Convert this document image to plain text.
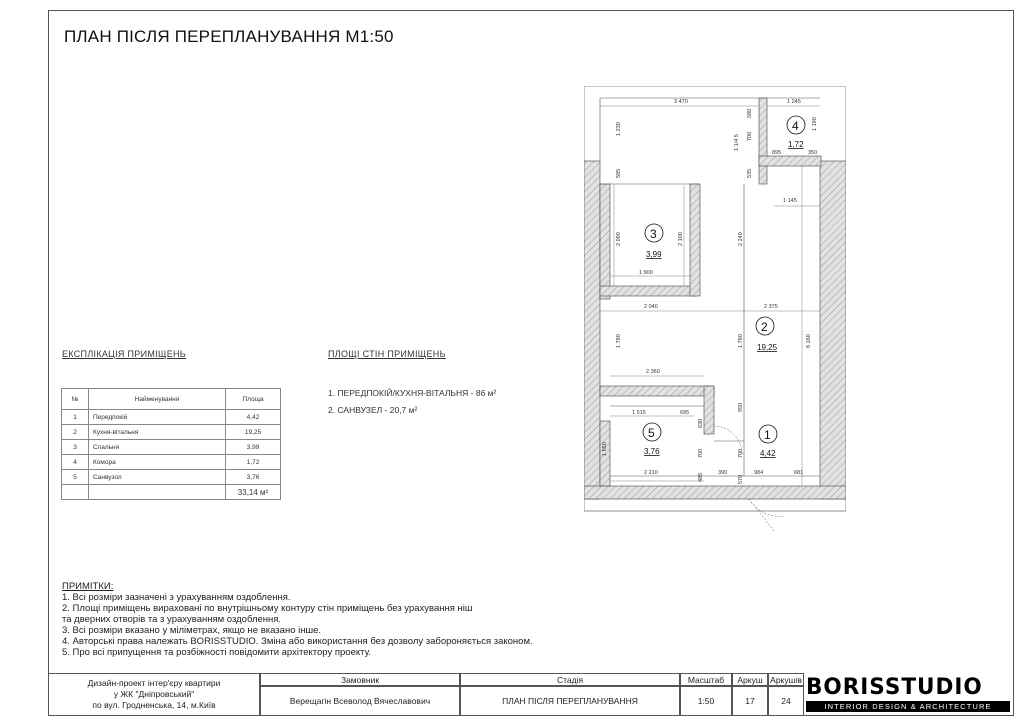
ПЛАН ПІСЛЯ ПЕРЕПЛАНУВАННЯ М1:50
ЕКСПЛІКАЦІЯ ПРИМІЩЕНЬ
№	Найменування	Площа
1	Передпокій	4,42
2	Кухня-вітальня	19,25
3	Спальня	3,99
4	Комора	1,72
5	Санвузол	3,76
		33,14 м²
ПЛОЩІ СТІН ПРИМІЩЕНЬ
1. ПЕРЕДПОКІЙ/КУХНЯ-ВІТАЛЬНЯ - 86 м²
2. САНВУЗЕЛ - 20,7 м²
ПРИМІТКИ:
1. Всі розміри зазначені з урахуванням оздоблення.
2. Площі приміщень вираховані по внутрішньому контуру стін приміщень без урахування ніш
та дверних отворів та з урахуванням оздоблення.
3. Всі розміри вказано у міліметрах, якщо не вказано інше.
4. Авторські права належать BORISSTUDIO. Зміна або використання без дозволу забороняється законом.
5. Про всі припущення та розбіжності повідомити архітектору проекту.
3 470	1 245
1 230
580
700
1 1/4 5
1 190
895	350
585	535
1 145
2 090	2 100	2 240
1 900
2 040	2 375
1 780	1 780	6 160
2 360
1 515	695
950
630
1 650	700	700
2 210	485	390	984	681
570
3
3,99
4
1,72
2
19,25
5
3,76
1
4,42
Дизайн-проект інтер'єру квартири
у ЖК "Дніпровський"
по вул. Гродненська, 14, м.Київ
Замовник
Верещагін Всеволод Вячеславович
Стадія
ПЛАН ПІСЛЯ ПЕРЕПЛАНУВАННЯ
Масштаб
1:50
Аркуш
17
Аркушів
24
BORISSTUDIO
INTERIOR DESIGN & ARCHITECTURE
